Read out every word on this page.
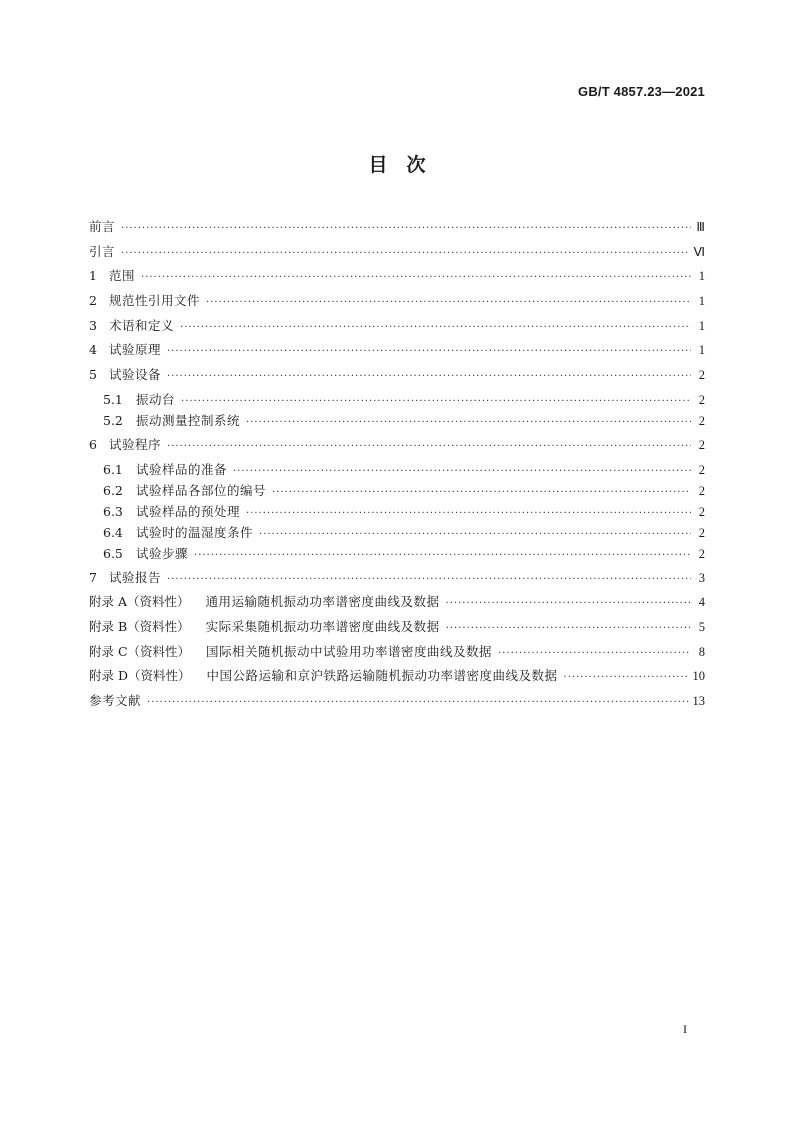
GB/T 4857.23—2021
目　次
前言 ·····	Ⅲ
引言 ·····	Ⅵ
1 范围 ·····	1
2 规范性引用文件 ·····	1
3 术语和定义 ·····	1
4 试验原理 ·····	1
5 试验设备 ·····	2
5.1	振动台 ·····	2
5.2	振动测量控制系统 ·····	2
6 试验程序 ·····	2
6.1	试验样品的准备 ·····	2
6.2	试验样品各部位的编号 ·····	2
6.3	试验样品的预处理 ·····	2
6.4	试验时的温湿度条件 ·····	2
6.5	试验步骤 ·····	2
7 试验报告 ·····	3
附录 A（资料性） 通用运输随机振动功率谱密度曲线及数据 ·····	4
附录 B（资料性） 实际采集随机振动功率谱密度曲线及数据 ·····	5
附录 C（资料性） 国际相关随机振动中试验用功率谱密度曲线及数据 ·····	8
附录 D（资料性） 中国公路运输和京沪铁路运输随机振动功率谱密度曲线及数据 ·····	10
参考文献 ·····	13
I
